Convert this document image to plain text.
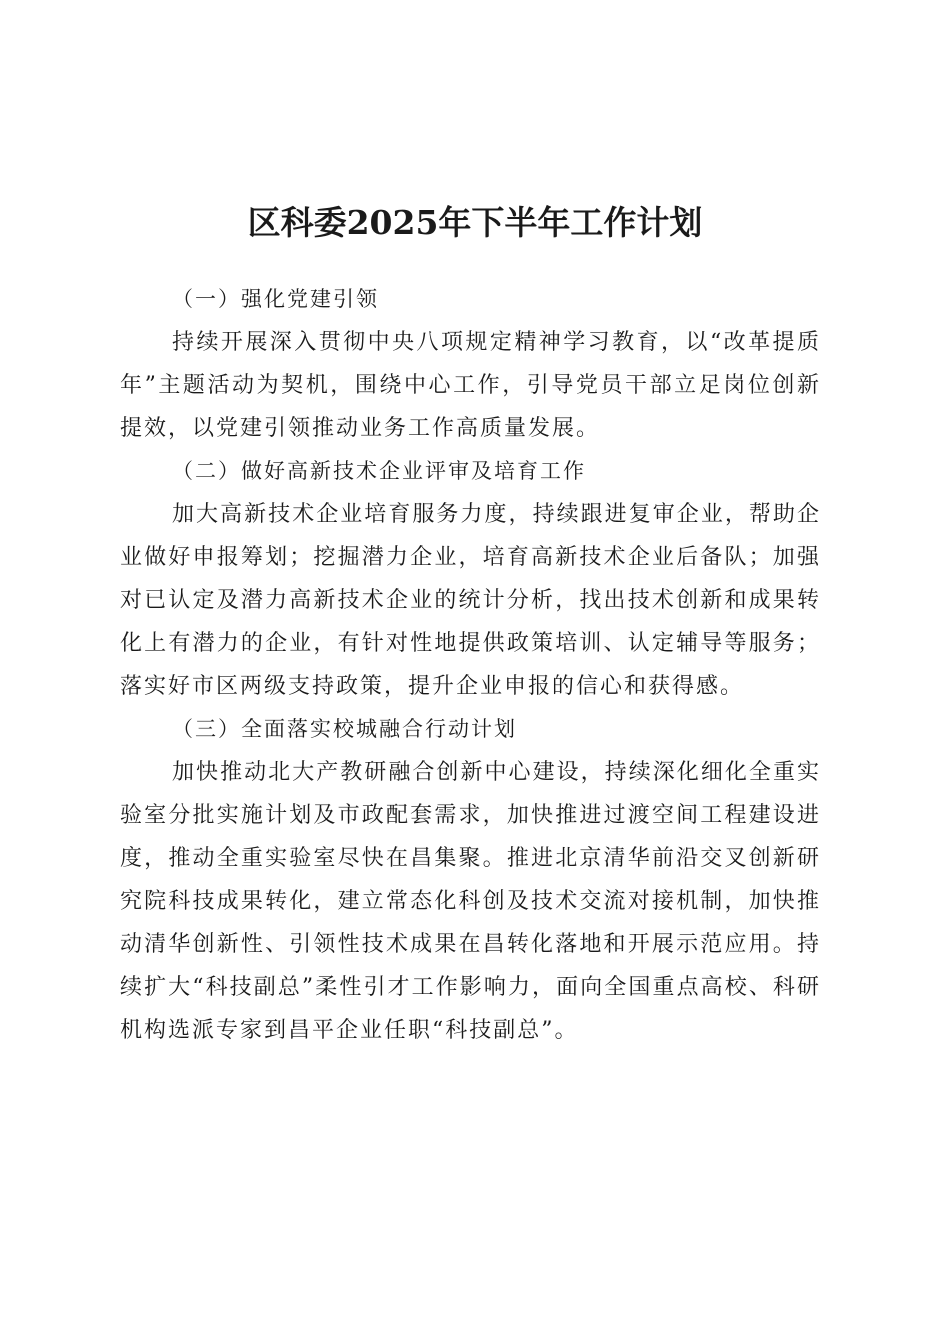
区科委2025年下半年工作计划

（一）强化党建引领

持续开展深入贯彻中央八项规定精神学习教育，以“改革提质年”主题活动为契机，围绕中心工作，引导党员干部立足岗位创新提效，以党建引领推动业务工作高质量发展。

（二）做好高新技术企业评审及培育工作

加大高新技术企业培育服务力度，持续跟进复审企业，帮助企业做好申报筹划；挖掘潜力企业，培育高新技术企业后备队；加强对已认定及潜力高新技术企业的统计分析，找出技术创新和成果转化上有潜力的企业，有针对性地提供政策培训、认定辅导等服务；落实好市区两级支持政策，提升企业申报的信心和获得感。

（三）全面落实校城融合行动计划

加快推动北大产教研融合创新中心建设，持续深化细化全重实验室分批实施计划及市政配套需求，加快推进过渡空间工程建设进度，推动全重实验室尽快在昌集聚。推进北京清华前沿交叉创新研究院科技成果转化，建立常态化科创及技术交流对接机制，加快推动清华创新性、引领性技术成果在昌转化落地和开展示范应用。持续扩大“科技副总”柔性引才工作影响力，面向全国重点高校、科研机构选派专家到昌平企业任职“科技副总”。
